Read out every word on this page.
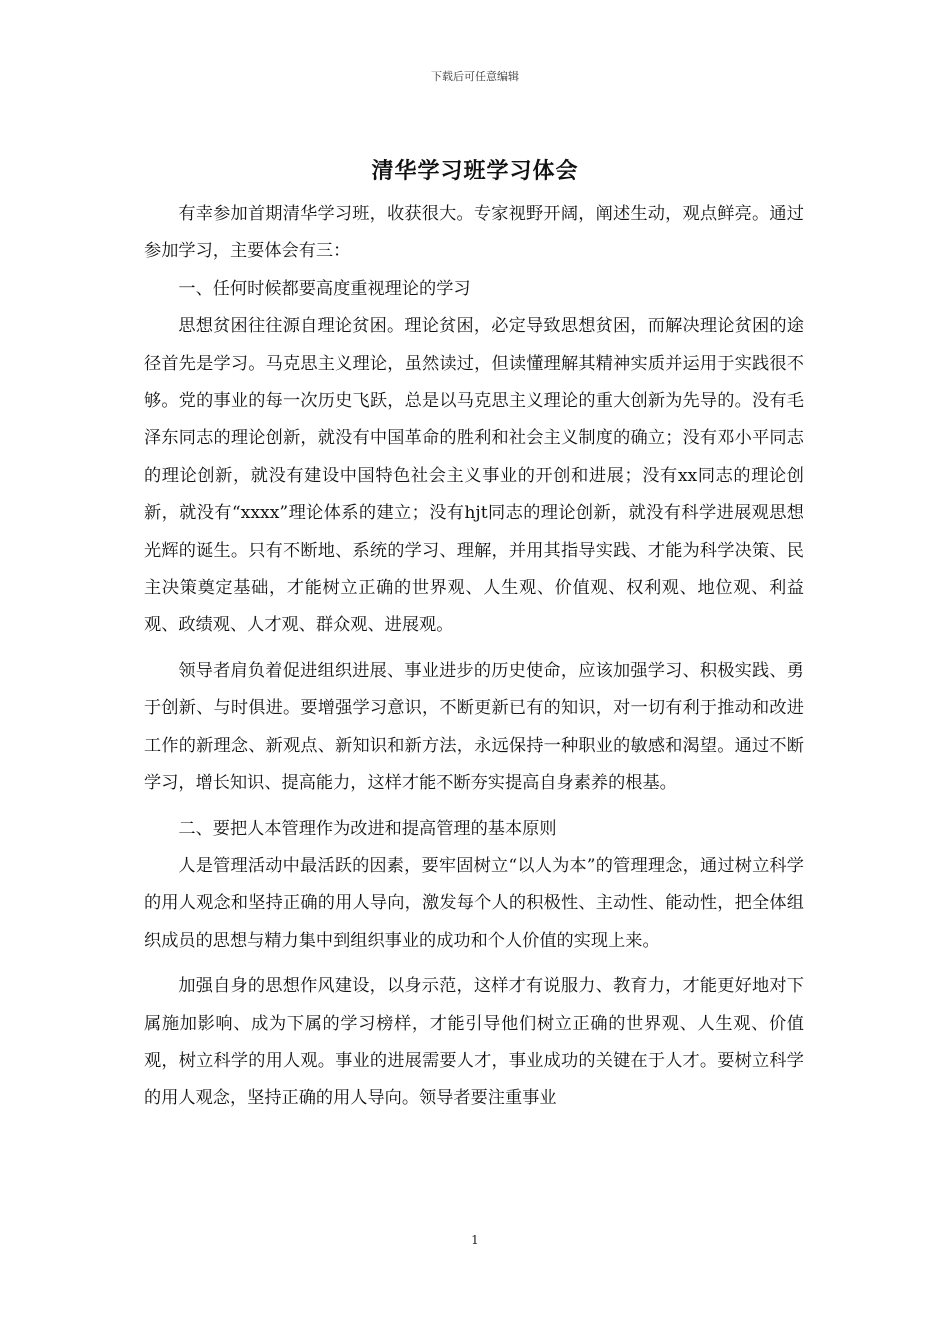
下载后可任意编辑
清华学习班学习体会

有幸参加首期清华学习班，收获很大。专家视野开阔，阐述生动，观点鲜亮。通过参加学习，主要体会有三：

一、任何时候都要高度重视理论的学习

思想贫困往往源自理论贫困。理论贫困，必定导致思想贫困，而解决理论贫困的途径首先是学习。马克思主义理论，虽然读过，但读懂理解其精神实质并运用于实践很不够。党的事业的每一次历史飞跃，总是以马克思主义理论的重大创新为先导的。没有毛泽东同志的理论创新，就没有中国革命的胜利和社会主义制度的确立；没有邓小平同志的理论创新，就没有建设中国特色社会主义事业的开创和进展；没有xx同志的理论创新，就没有“xxxx”理论体系的建立；没有hjt同志的理论创新，就没有科学进展观思想光辉的诞生。只有不断地、系统的学习、理解，并用其指导实践、才能为科学决策、民主决策奠定基础，才能树立正确的世界观、人生观、价值观、权利观、地位观、利益观、政绩观、人才观、群众观、进展观。

领导者肩负着促进组织进展、事业进步的历史使命，应该加强学习、积极实践、勇于创新、与时俱进。要增强学习意识，不断更新已有的知识，对一切有利于推动和改进工作的新理念、新观点、新知识和新方法，永远保持一种职业的敏感和渴望。通过不断学习，增长知识、提高能力，这样才能不断夯实提高自身素养的根基。

二、要把人本管理作为改进和提高管理的基本原则

人是管理活动中最活跃的因素，要牢固树立“以人为本”的管理理念，通过树立科学的用人观念和坚持正确的用人导向，激发每个人的积极性、主动性、能动性，把全体组织成员的思想与精力集中到组织事业的成功和个人价值的实现上来。

加强自身的思想作风建设，以身示范，这样才有说服力、教育力，才能更好地对下属施加影响、成为下属的学习榜样，才能引导他们树立正确的世界观、人生观、价值观，树立科学的用人观。事业的进展需要人才，事业成功的关键在于人才。要树立科学的用人观念，坚持正确的用人导向。领导者要注重事业

1
